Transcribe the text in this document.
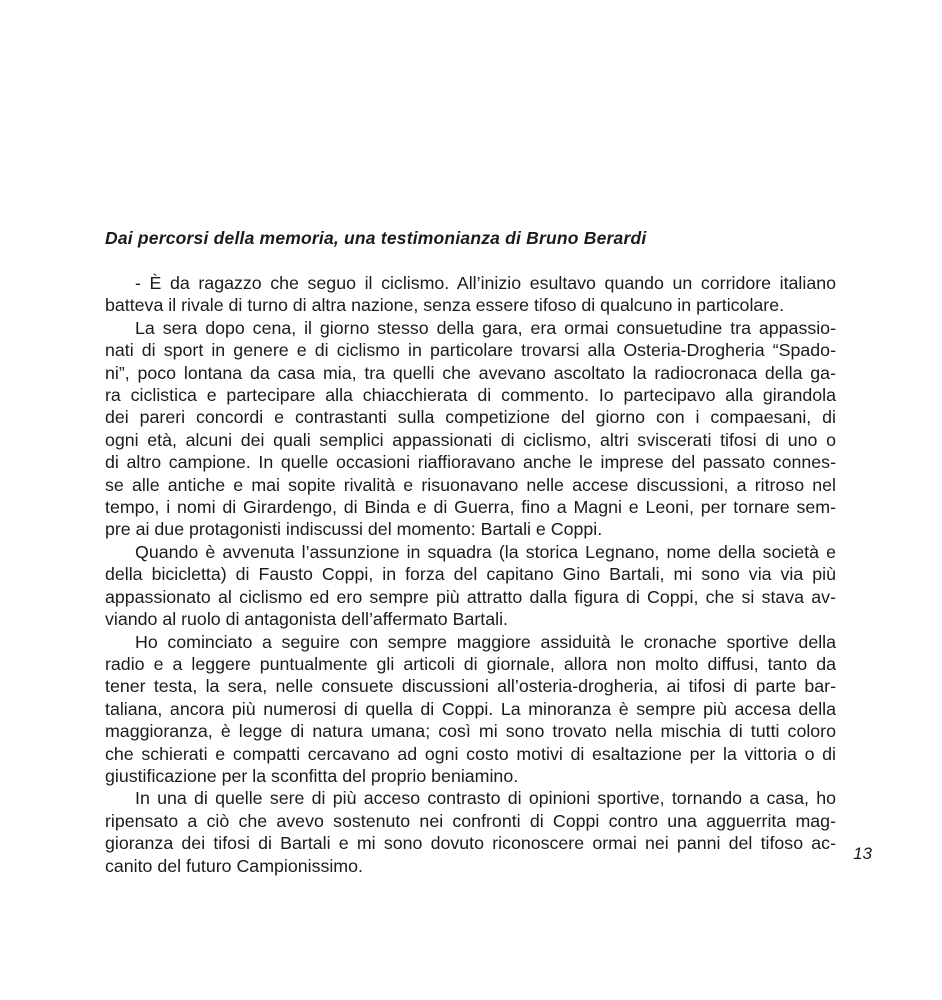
Dai percorsi della memoria, una testimonianza di Bruno Berardi
- È da ragazzo che seguo il ciclismo. All’inizio esultavo quando un corridore italiano
batteva il rivale di turno di altra nazione, senza essere tifoso di qualcuno in particolare.
La sera dopo cena, il giorno stesso della gara, era ormai consuetudine tra appassio-
nati di sport in genere e di ciclismo in particolare trovarsi alla Osteria-Drogheria “Spado-
ni”, poco lontana da casa mia, tra quelli che avevano ascoltato la radiocronaca della ga-
ra ciclistica e partecipare alla chiacchierata di commento. Io partecipavo alla girandola
dei pareri concordi e contrastanti sulla competizione del giorno con i compaesani, di
ogni età, alcuni dei quali semplici appassionati di ciclismo, altri sviscerati tifosi di uno o
di altro campione. In quelle occasioni riaffioravano anche le imprese del passato connes-
se alle antiche e mai sopite rivalità e risuonavano nelle accese discussioni, a ritroso nel
tempo, i nomi di Girardengo, di Binda e di Guerra, fino a Magni e Leoni, per tornare sem-
pre ai due protagonisti indiscussi del momento: Bartali e Coppi.
Quando è avvenuta l’assunzione in squadra (la storica Legnano, nome della società e
della bicicletta) di Fausto Coppi, in forza del capitano Gino Bartali, mi sono via via più
appassionato al ciclismo ed ero sempre più attratto dalla figura di Coppi, che si stava av-
viando al ruolo di antagonista dell’affermato Bartali.
Ho cominciato a seguire con sempre maggiore assiduità le cronache sportive della
radio e a leggere puntualmente gli articoli di giornale, allora non molto diffusi, tanto da
tener testa, la sera, nelle consuete discussioni all’osteria-drogheria, ai tifosi di parte bar-
taliana, ancora più numerosi di quella di Coppi. La minoranza è sempre più accesa della
maggioranza, è legge di natura umana; così mi sono trovato nella mischia di tutti coloro
che schierati e compatti cercavano ad ogni costo motivi di esaltazione per la vittoria o di
giustificazione per la sconfitta del proprio beniamino.
In una di quelle sere di più acceso contrasto di opinioni sportive, tornando a casa, ho
ripensato a ciò che avevo sostenuto nei confronti di Coppi contro una agguerrita mag-
gioranza dei tifosi di Bartali e mi sono dovuto riconoscere ormai nei panni del tifoso ac-
canito del futuro Campionissimo.
13
